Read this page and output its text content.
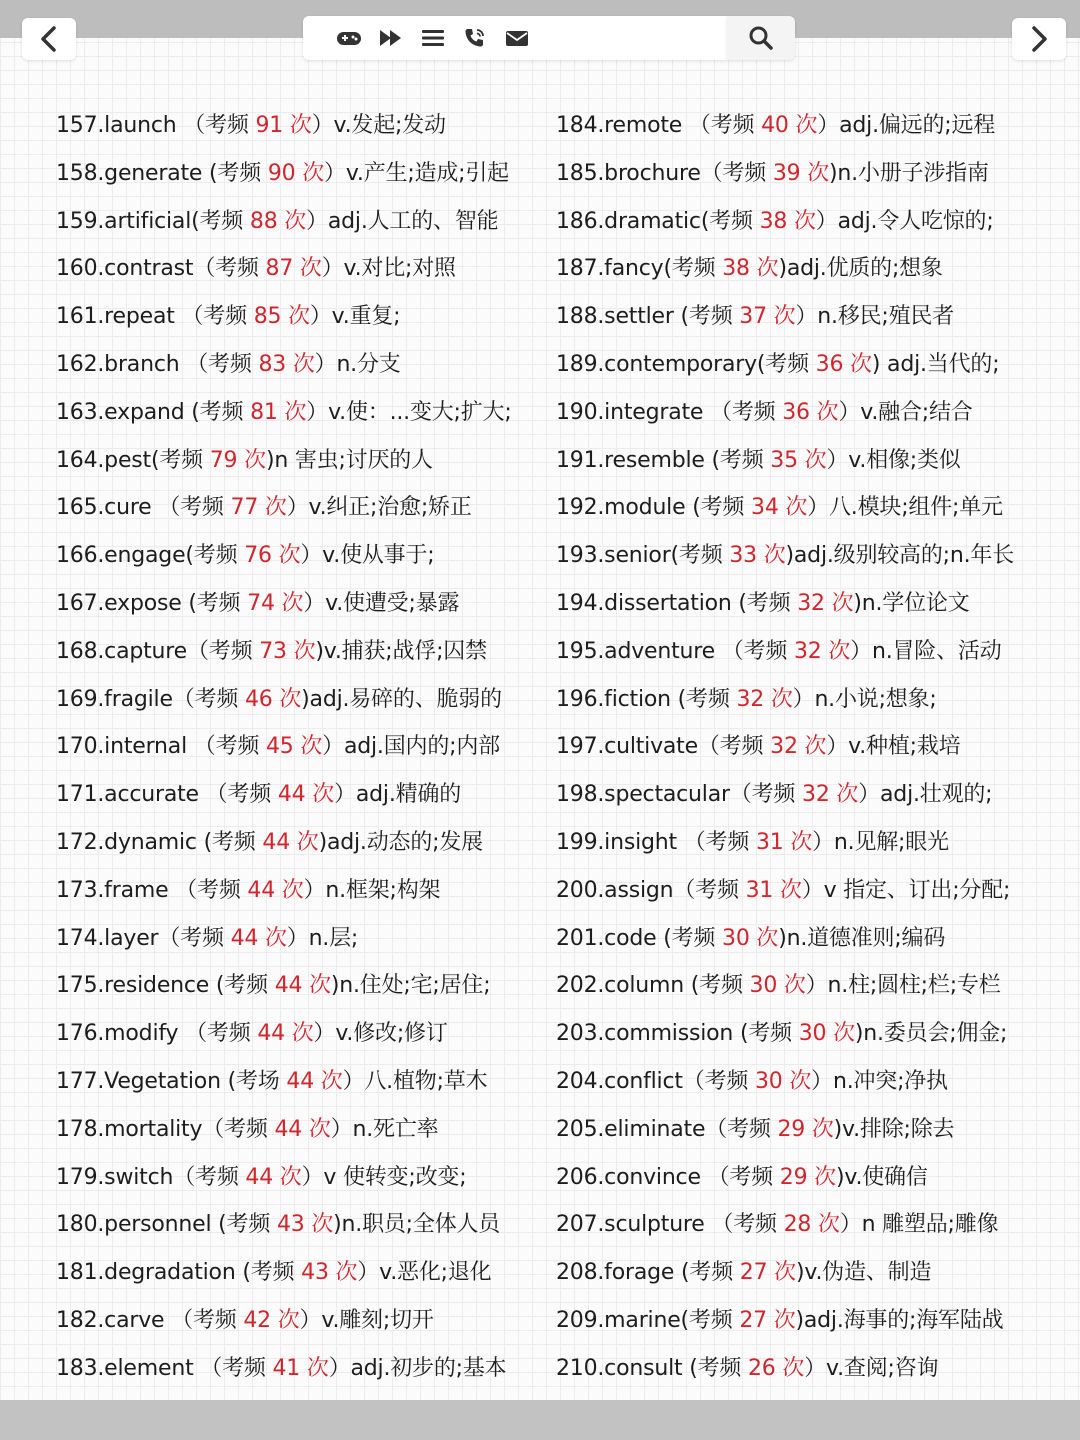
157.launch （考频 91 次）v.发起;发动
158.generate (考频 90 次）v.产生;造成;引起
159.artificial(考频 88 次）adj.人工的、智能
160.contrast（考频 87 次）v.对比;对照
161.repeat （考频 85 次）v.重复;
162.branch （考频 83 次）n.分支
163.expand (考频 81 次）v.使：...变大;扩大;
164.pest(考频 79 次)n 害虫;讨厌的人
165.cure （考频 77 次）v.纠正;治愈;矫正
166.engage(考频 76 次）v.使从事于;
167.expose (考频 74 次）v.使遭受;暴露
168.capture（考频 73 次)v.捕获;战俘;囚禁
169.fragile（考频 46 次)adj.易碎的、脆弱的
170.internal （考频 45 次）adj.国内的;内部
171.accurate （考频 44 次）adj.精确的
172.dynamic (考频 44 次)adj.动态的;发展
173.frame （考频 44 次）n.框架;构架
174.layer（考频 44 次）n.层;
175.residence (考频 44 次)n.住处;宅;居住;
176.modify （考频 44 次）v.修改;修订
177.Vegetation (考场 44 次）八.植物;草木
178.mortality（考频 44 次）n.死亡率
179.switch（考频 44 次）v 使转变;改变;
180.personnel (考频 43 次)n.职员;全体人员
181.degradation (考频 43 次）v.恶化;退化
182.carve （考频 42 次）v.雕刻;切开
183.element （考频 41 次）adj.初步的;基本
184.remote （考频 40 次）adj.偏远的;远程
185.brochure（考频 39 次)n.小册子涉指南
186.dramatic(考频 38 次）adj.令人吃惊的;
187.fancy(考频 38 次)adj.优质的;想象
188.settler (考频 37 次）n.移民;殖民者
189.contemporary(考频 36 次) adj.当代的;
190.integrate （考频 36 次）v.融合;结合
191.resemble (考频 35 次）v.相像;类似
192.module (考频 34 次）八.模块;组件;单元
193.senior(考频 33 次)adj.级别较高的;n.年长
194.dissertation (考频 32 次)n.学位论文
195.adventure （考频 32 次）n.冒险、活动
196.fiction (考频 32 次）n.小说;想象;
197.cultivate（考频 32 次）v.种植;栽培
198.spectacular（考频 32 次）adj.壮观的;
199.insight （考频 31 次）n.见解;眼光
200.assign（考频 31 次）v 指定、订出;分配;
201.code (考频 30 次)n.道德准则;编码
202.column (考频 30 次）n.柱;圆柱;栏;专栏
203.commission (考频 30 次)n.委员会;佣金;
204.conflict（考频 30 次）n.冲突;净执
205.eliminate（考频 29 次)v.排除;除去
206.convince （考频 29 次)v.使确信
207.sculpture （考频 28 次）n 雕塑品;雕像
208.forage (考频 27 次)v.伪造、制造
209.marine(考频 27 次)adj.海事的;海军陆战
210.consult (考频 26 次）v.查阅;咨询
